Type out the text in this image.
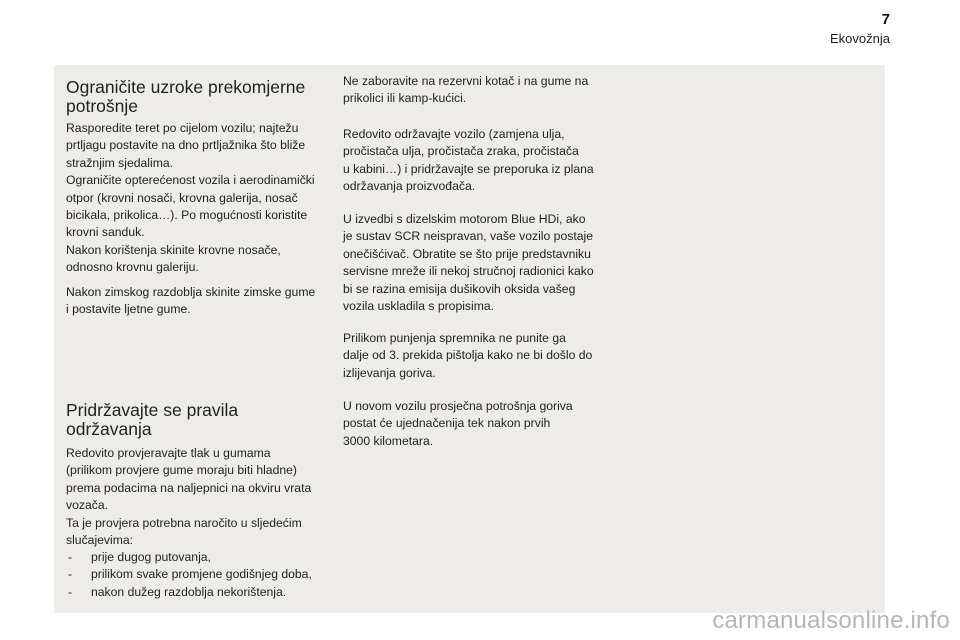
7
Ekovožnja
Ograničite uzroke prekomjerne
potrošnje

Rasporedite teret po cijelom vozilu; najtežu
prtljagu postavite na dno prtljažnika što bliže
stražnjim sjedalima.
Ograničite opterećenost vozila i aerodinamički
otpor (krovni nosači, krovna galerija, nosač
bicikala, prikolica…). Po mogućnosti koristite
krovni sanduk.
Nakon korištenja skinite krovne nosače,
odnosno krovnu galeriju.

Nakon zimskog razdoblja skinite zimske gume
i postavite ljetne gume.

Pridržavajte se pravila održavanja

Redovito provjeravajte tlak u gumama
(prilikom provjere gume moraju biti hladne)
prema podacima na naljepnici na okviru vrata
vozača.
Ta je provjera potrebna naročito u sljedećim
slučajevima:

- prije dugog putovanja,
- prilikom svake promjene godišnjeg doba,
- nakon dužeg razdoblja nekorištenja.

Ne zaboravite na rezervni kotač i na gume na
prikolici ili kamp-kućici.

Redovito održavajte vozilo (zamjena ulja,
pročistača ulja, pročistača zraka, pročistača
u kabini…) i pridržavajte se preporuka iz plana
održavanja proizvođača.

U izvedbi s dizelskim motorom Blue HDi, ako
je sustav SCR neispravan, vaše vozilo postaje
onečišćivač. Obratite se što prije predstavniku
servisne mreže ili nekoj stručnoj radionici kako
bi se razina emisija dušikovih oksida vašeg
vozila uskladila s propisima.

Prilikom punjenja spremnika ne punite ga
dalje od 3. prekida pištolja kako ne bi došlo do
izlijevanja goriva.

U novom vozilu prosječna potrošnja goriva
postat će ujednačenija tek nakon prvih
3000 kilometara.

carmanualsonline.info
